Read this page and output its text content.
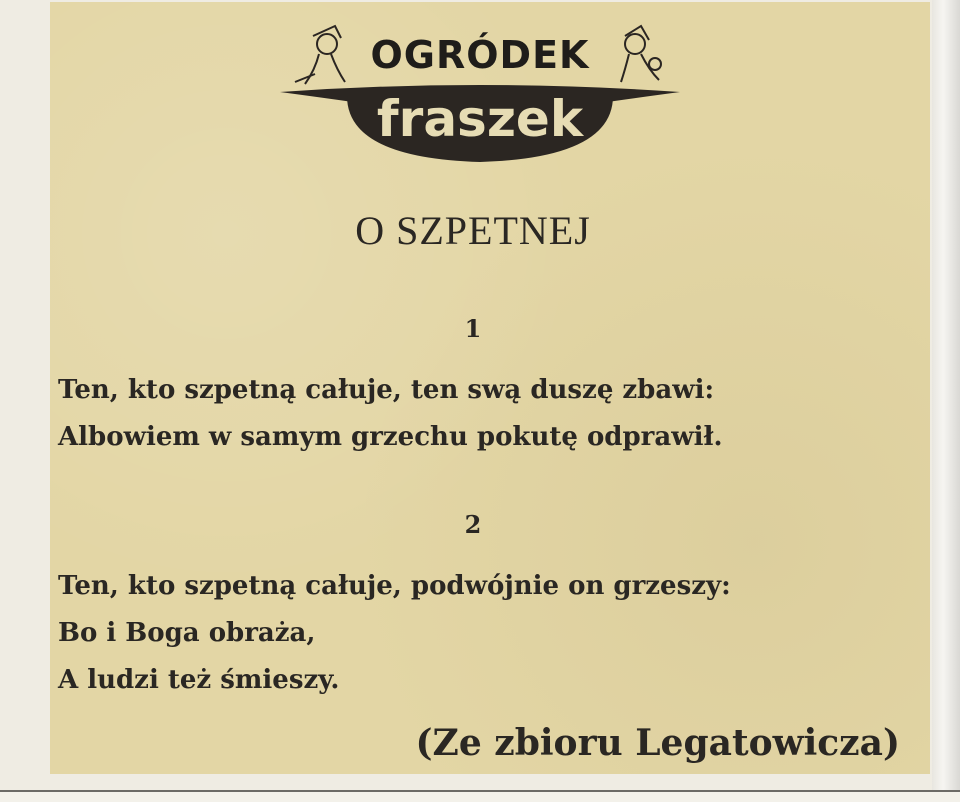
OGRÓDEK
fraszek
O SZPETNEJ
1
Ten, kto szpetną całuje, ten swą duszę zbawi:
Albowiem w samym grzechu pokutę odprawił.
2
Ten, kto szpetną całuje, podwójnie on grzeszy:
Bo i Boga obraża,
A ludzi też śmieszy.
(Ze zbioru Legatowicza)
